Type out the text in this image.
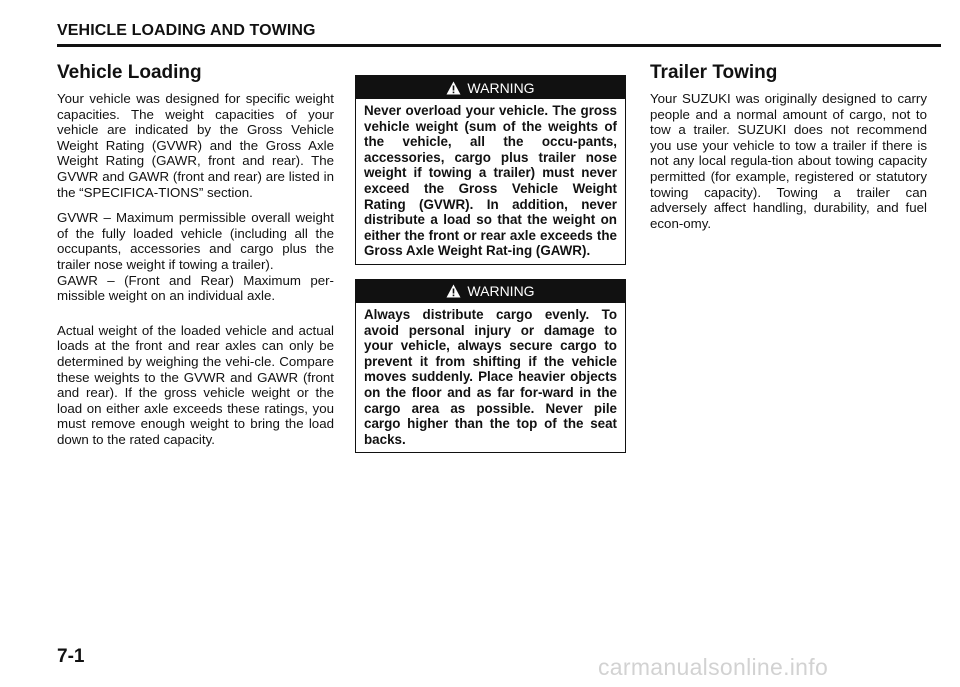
VEHICLE LOADING AND TOWING
Vehicle Loading

Your vehicle was designed for specific weight capacities. The weight capacities of your vehicle are indicated by the Gross Vehicle Weight Rating (GVWR) and the Gross Axle Weight Rating (GAWR, front and rear). The GVWR and GAWR (front and rear) are listed in the “SPECIFICA-TIONS” section.

GVWR – Maximum permissible overall weight of the fully loaded vehicle (including all the occupants, accessories and cargo plus the trailer nose weight if towing a trailer).

GAWR – (Front and Rear) Maximum per-missible weight on an individual axle.

Actual weight of the loaded vehicle and actual loads at the front and rear axles can only be determined by weighing the vehi-cle. Compare these weights to the GVWR and GAWR (front and rear). If the gross vehicle weight or the load on either axle exceeds these ratings, you must remove enough weight to bring the load down to the rated capacity.

WARNING
Never overload your vehicle. The gross vehicle weight (sum of the weights of the vehicle, all the occu-pants, accessories, cargo plus trailer nose weight if towing a trailer) must never exceed the Gross Vehicle Weight Rating (GVWR). In addition, never distribute a load so that the weight on either the front or rear axle exceeds the Gross Axle Weight Rat-ing (GAWR).
WARNING
Always distribute cargo evenly. To avoid personal injury or damage to your vehicle, always secure cargo to prevent it from shifting if the vehicle moves suddenly. Place heavier objects on the floor and as far for-ward in the cargo area as possible. Never pile cargo higher than the top of the seat backs.
Trailer Towing

Your SUZUKI was originally designed to carry people and a normal amount of cargo, not to tow a trailer. SUZUKI does not recommend you use your vehicle to tow a trailer if there is not any local regula-tion about towing capacity permitted (for example, registered or statutory towing capacity). Towing a trailer can adversely affect handling, durability, and fuel econ-omy.

7-1	carmanualsonline.info
